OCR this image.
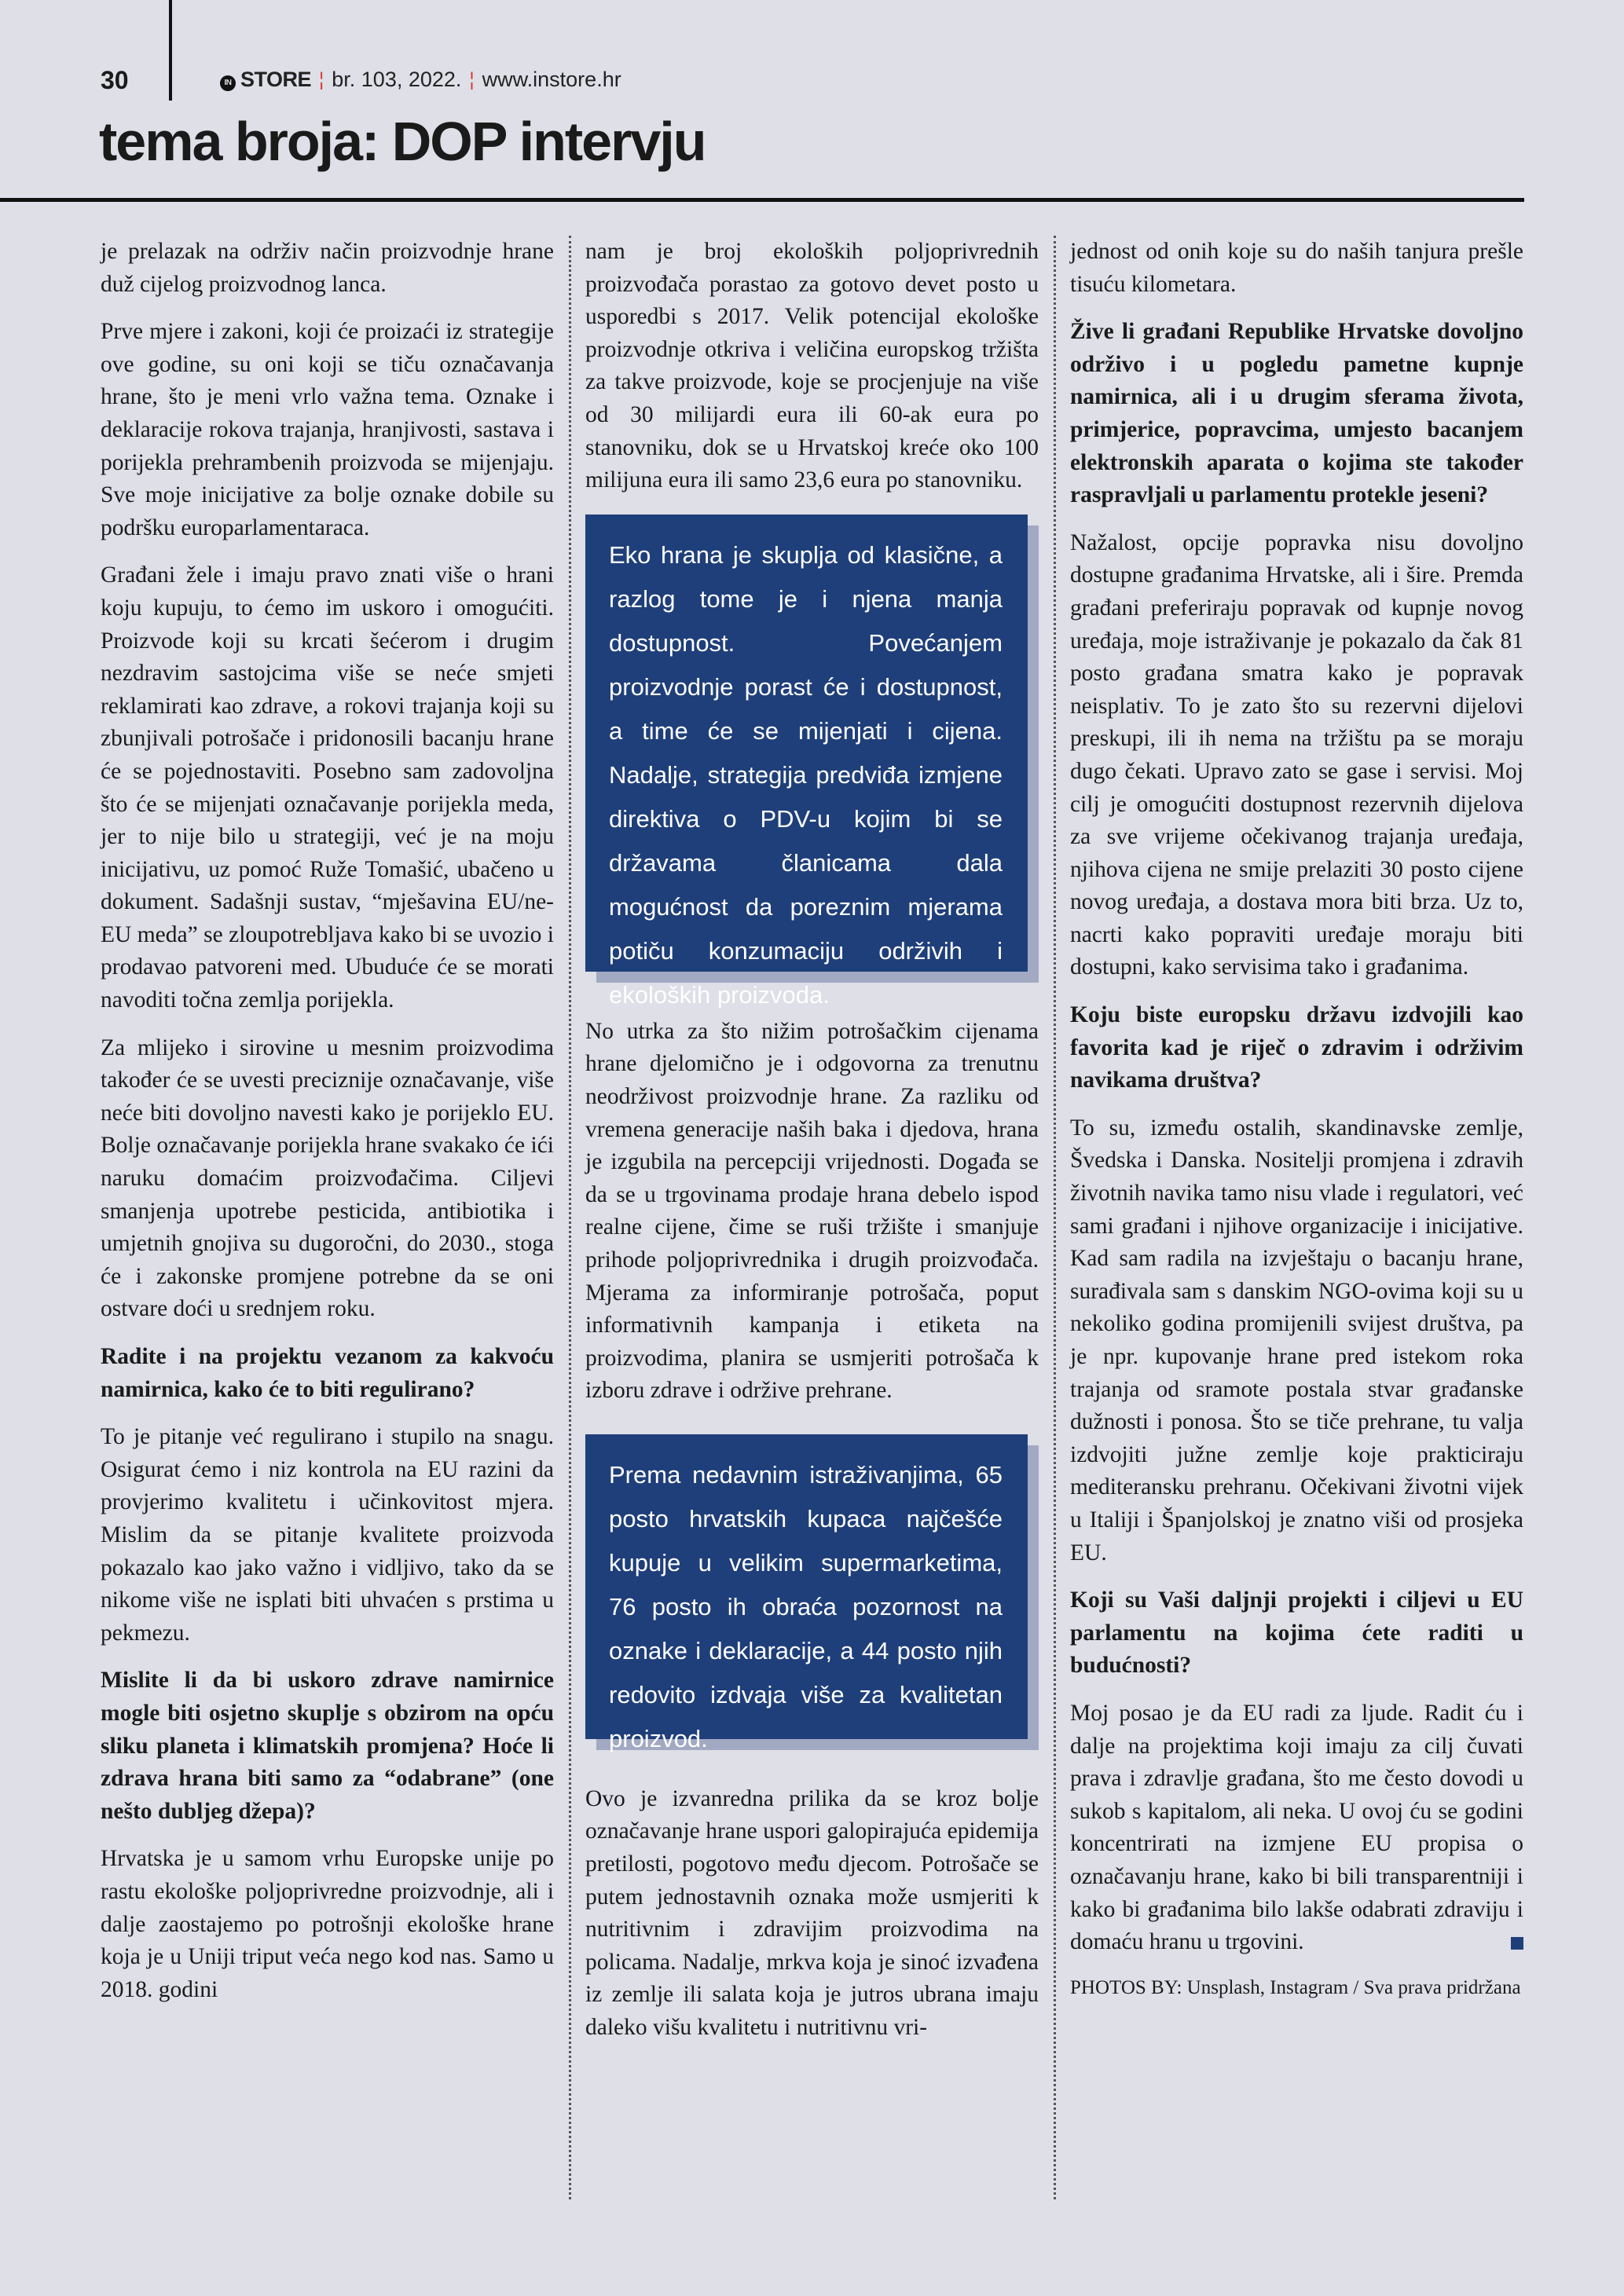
30	IN STORE ¦ br. 103, 2022. ¦ www.instore.hr
tema broja: DOP intervju

je prelazak na održiv način proizvodnje hrane duž cijelog proizvodnog lanca.

Prve mjere i zakoni, koji će proizaći iz strategije ove godine, su oni koji se tiču označavanja hrane, što je meni vrlo važna tema. Oznake i deklaracije rokova trajanja, hranjivosti, sastava i porijekla prehrambenih proizvoda se mijenjaju. Sve moje inicijative za bolje oznake dobile su podršku europarlamentaraca.

Građani žele i imaju pravo znati više o hrani koju kupuju, to ćemo im uskoro i omogućiti. Proizvode koji su krcati šećerom i drugim nezdravim sastojcima više se neće smjeti reklamirati kao zdrave, a rokovi trajanja koji su zbunjivali potrošače i pridonosili bacanju hrane će se pojednostaviti. Posebno sam zadovoljna što će se mijenjati označavanje porijekla meda, jer to nije bilo u strategiji, već je na moju inicijativu, uz pomoć Ruže Tomašić, ubačeno u dokument. Sadašnji sustav, “mješavina EU/ne-EU meda” se zloupotrebljava kako bi se uvozio i prodavao patvoreni med. Ubuduće će se morati navoditi točna zemlja porijekla.

Za mlijeko i sirovine u mesnim proizvodima također će se uvesti preciznije označavanje, više neće biti dovoljno navesti kako je porijeklo EU. Bolje označavanje porijekla hrane svakako će ići naruku domaćim proizvođačima. Ciljevi smanjenja upotrebe pesticida, antibiotika i umjetnih gnojiva su dugoročni, do 2030., stoga će i zakonske promjene potrebne da se oni ostvare doći u srednjem roku.

Radite i na projektu vezanom za kakvoću namirnica, kako će to biti regulirano?

To je pitanje već regulirano i stupilo na snagu. Osigurat ćemo i niz kontrola na EU razini da provjerimo kvalitetu i učinkovitost mjera. Mislim da se pitanje kvalitete proizvoda pokazalo kao jako važno i vidljivo, tako da se nikome više ne isplati biti uhvaćen s prstima u pekmezu.

Mislite li da bi uskoro zdrave namirnice mogle biti osjetno skuplje s obzirom na opću sliku planeta i klimatskih promjena? Hoće li zdrava hrana biti samo za “odabrane” (one nešto dubljeg džepa)?

Hrvatska je u samom vrhu Europske unije po rastu ekološke poljoprivredne proizvodnje, ali i dalje zaostajemo po potrošnji ekološke hrane koja je u Uniji triput veća nego kod nas. Samo u 2018. godini

nam je broj ekoloških poljoprivrednih proizvođača porastao za gotovo devet posto u usporedbi s 2017. Velik potencijal ekološke proizvodnje otkriva i veličina europskog tržišta za takve proizvode, koje se procjenjuje na više od 30 milijardi eura ili 60-ak eura po stanovniku, dok se u Hrvatskoj kreće oko 100 milijuna eura ili samo 23,6 eura po stanovniku.

Eko hrana je skuplja od klasične, a razlog tome je i njena manja dostupnost. Povećanjem proizvodnje porast će i dostupnost, a time će se mijenjati i cijena. Nadalje, strategija predviđa izmjene direktiva o PDV-u kojim bi se državama članicama dala mogućnost da poreznim mjerama potiču konzumaciju održivih i ekoloških proizvoda.

No utrka za što nižim potrošačkim cijenama hrane djelomično je i odgovorna za trenutnu neodrživost proizvodnje hrane. Za razliku od vremena generacije naših baka i djedova, hrana je izgubila na percepciji vrijednosti. Događa se da se u trgovinama prodaje hrana debelo ispod realne cijene, čime se ruši tržište i smanjuje prihode poljoprivrednika i drugih proizvođača. Mjerama za informiranje potrošača, poput informativnih kampanja i etiketa na proizvodima, planira se usmjeriti potrošača k izboru zdrave i održive prehrane.

Prema nedavnim istraživanjima, 65 posto hrvatskih kupaca najčešće kupuje u velikim supermarketima, 76 posto ih obraća pozornost na oznake i deklaracije, a 44 posto njih redovito izdvaja više za kvalitetan proizvod.

Ovo je izvanredna prilika da se kroz bolje označavanje hrane uspori galopirajuća epidemija pretilosti, pogotovo među djecom. Potrošače se putem jednostavnih oznaka može usmjeriti k nutritivnim i zdravijim proizvodima na policama. Nadalje, mrkva koja je sinoć izvađena iz zemlje ili salata koja je jutros ubrana imaju daleko višu kvalitetu i nutritivnu vri-

jednost od onih koje su do naših tanjura prešle tisuću kilometara.

Žive li građani Republike Hrvatske dovoljno održivo i u pogledu pametne kupnje namirnica, ali i u drugim sferama života, primjerice, popravcima, umjesto bacanjem elektronskih aparata o kojima ste također raspravljali u parlamentu protekle jeseni?

Nažalost, opcije popravka nisu dovoljno dostupne građanima Hrvatske, ali i šire. Premda građani preferiraju popravak od kupnje novog uređaja, moje istraživanje je pokazalo da čak 81 posto građana smatra kako je popravak neisplativ. To je zato što su rezervni dijelovi preskupi, ili ih nema na tržištu pa se moraju dugo čekati. Upravo zato se gase i servisi. Moj cilj je omogućiti dostupnost rezervnih dijelova za sve vrijeme očekivanog trajanja uređaja, njihova cijena ne smije prelaziti 30 posto cijene novog uređaja, a dostava mora biti brza. Uz to, nacrti kako popraviti uređaje moraju biti dostupni, kako servisima tako i građanima.

Koju biste europsku državu izdvojili kao favorita kad je riječ o zdravim i održivim navikama društva?

To su, između ostalih, skandinavske zemlje, Švedska i Danska. Nositelji promjena i zdravih životnih navika tamo nisu vlade i regulatori, već sami građani i njihove organizacije i inicijative. Kad sam radila na izvještaju o bacanju hrane, surađivala sam s danskim NGO-ovima koji su u nekoliko godina promijenili svijest društva, pa je npr. kupovanje hrane pred istekom roka trajanja od sramote postala stvar građanske dužnosti i ponosa. Što se tiče prehrane, tu valja izdvojiti južne zemlje koje prakticiraju mediteransku prehranu. Očekivani životni vijek u Italiji i Španjolskoj je znatno viši od prosjeka EU.

Koji su Vaši daljnji projekti i ciljevi u EU parlamentu na kojima ćete raditi u budućnosti?

Moj posao je da EU radi za ljude. Radit ću i dalje na projektima koji imaju za cilj čuvati prava i zdravlje građana, što me često dovodi u sukob s kapitalom, ali neka. U ovoj ću se godini koncentrirati na izmjene EU propisa o označavanju hrane, kako bi bili transparentniji i kako bi građanima bilo lakše odabrati zdraviju i domaću hranu u trgovini.

PHOTOS BY: Unsplash, Instagram / Sva prava pridržana
